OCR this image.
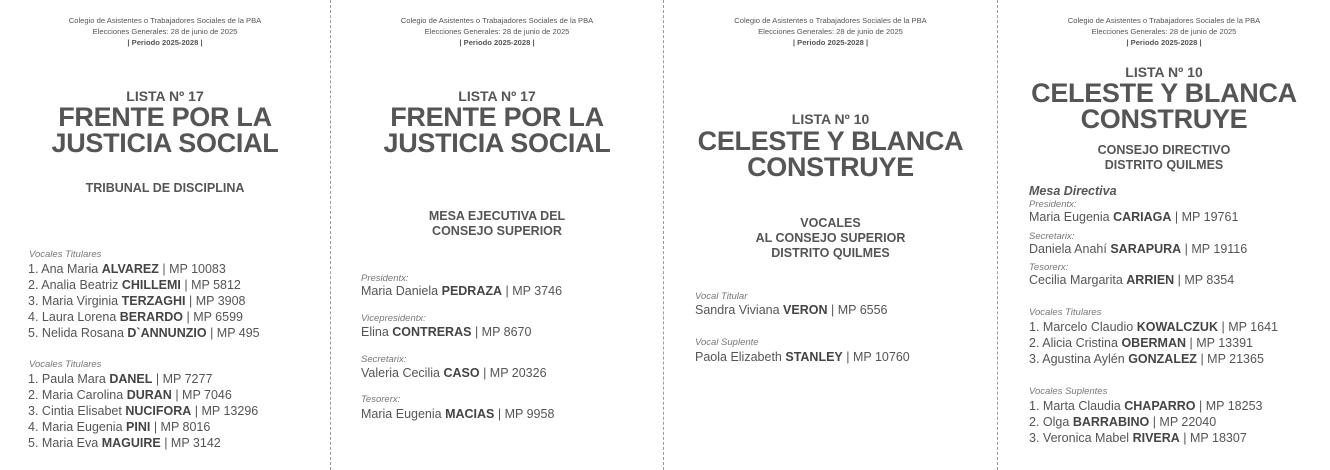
Colegio de Asistentes o Trabajadores Sociales de la PBA
Elecciones Generales: 28 de junio de 2025
| Periodo 2025-2028 |
LISTA Nº 17
FRENTE POR LA
JUSTICIA SOCIAL
TRIBUNAL DE DISCIPLINA
Vocales Titulares
1. Ana Maria ALVAREZ | MP 10083
2. Analia Beatriz CHILLEMI | MP 5812
3. Maria Virginia TERZAGHI | MP 3908
4. Laura Lorena BERARDO | MP 6599
5. Nelida Rosana D`ANNUNZIO | MP 495
Vocales Titulares
1. Paula Mara DANEL | MP 7277
2. Maria Carolina DURAN | MP 7046
3. Cintia Elisabet NUCIFORA | MP 13296
4. Maria Eugenia PINI | MP 8016
5. Maria Eva MAGUIRE | MP 3142
Colegio de Asistentes o Trabajadores Sociales de la PBA
Elecciones Generales: 28 de junio de 2025
| Periodo 2025-2028 |
LISTA Nº 17
FRENTE POR LA
JUSTICIA SOCIAL
MESA EJECUTIVA DEL
CONSEJO SUPERIOR
Presidentx:
Maria Daniela PEDRAZA | MP 3746
Vicepresidentx:
Elina CONTRERAS | MP 8670
Secretarix:
Valeria Cecilia CASO | MP 20326
Tesorerx:
Maria Eugenia MACIAS | MP 9958
Colegio de Asistentes o Trabajadores Sociales de la PBA
Elecciones Generales: 28 de junio de 2025
| Periodo 2025-2028 |
LISTA Nº 10
CELESTE Y BLANCA
CONSTRUYE
VOCALES
AL CONSEJO SUPERIOR
DISTRITO QUILMES
Vocal Titular
Sandra Viviana VERON | MP 6556
Vocal Suplente
Paola Elizabeth STANLEY | MP 10760
Colegio de Asistentes o Trabajadores Sociales de la PBA
Elecciones Generales: 28 de junio de 2025
| Periodo 2025-2028 |
LISTA Nº 10
CELESTE Y BLANCA
CONSTRUYE
CONSEJO DIRECTIVO
DISTRITO QUILMES
Mesa Directiva
Presidentx:
Maria Eugenia CARIAGA | MP 19761
Secretarix:
Daniela Anahí SARAPURA | MP 19116
Tesorerx:
Cecilia Margarita ARRIEN | MP 8354
Vocales Titulares
1. Marcelo Claudio KOWALCZUK | MP 1641
2. Alicia Cristina OBERMAN | MP 13391
3. Agustina Aylén GONZALEZ | MP 21365
Vocales Suplentes
1. Marta Claudia CHAPARRO | MP 18253
2. Olga BARRABINO | MP 22040
3. Veronica Mabel RIVERA | MP 18307
